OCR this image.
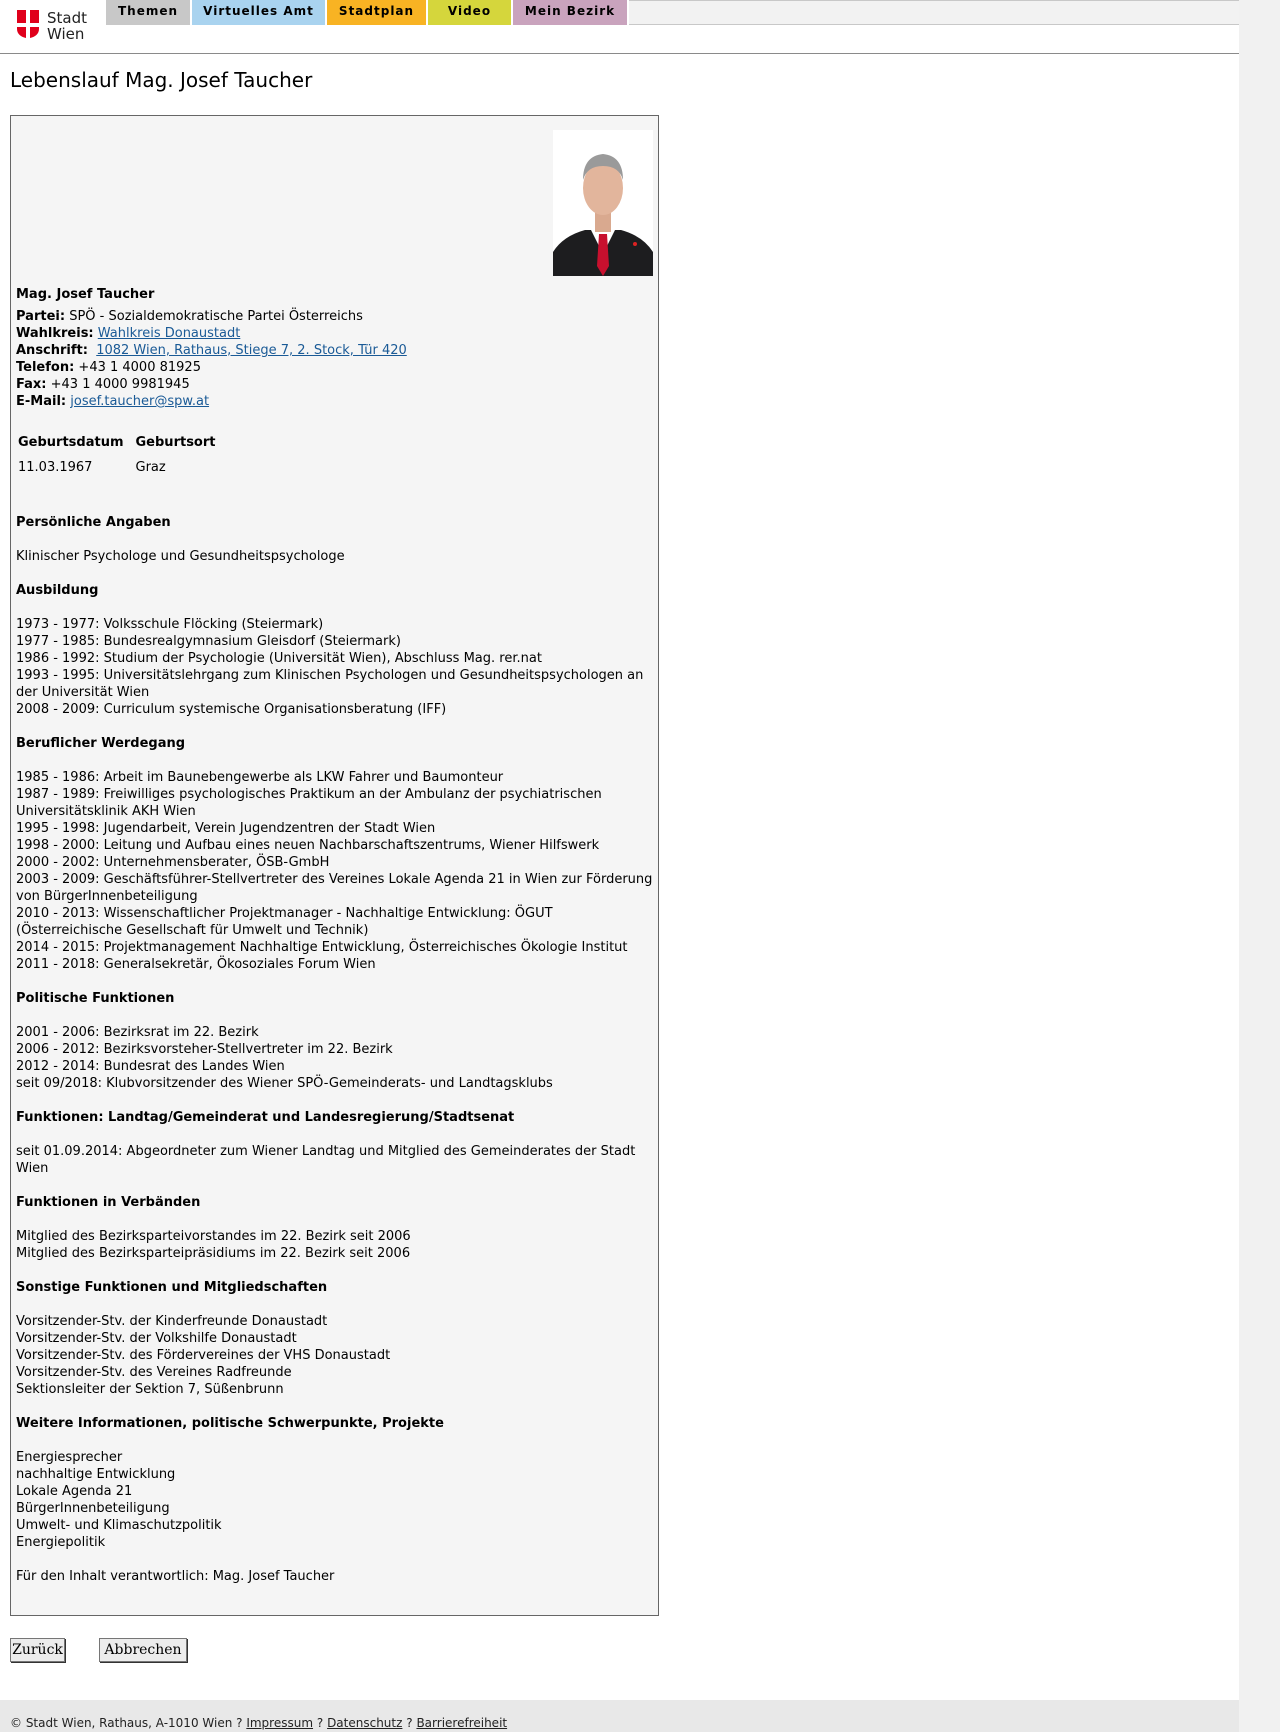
Stadt
Wien
Themen	Virtuelles Amt	Stadtplan	Video	Mein Bezirk
Lebenslauf Mag. Josef Taucher
Mag. Josef Taucher
Partei: SPÖ - Sozialdemokratische Partei Österreichs
Wahlkreis: Wahlkreis Donaustadt
Anschrift: 1082 Wien, Rathaus, Stiege 7, 2. Stock, Tür 420
Telefon: +43 1 4000 81925
Fax: +43 1 4000 9981945
E-Mail: josef.taucher@spw.at
Geburtsdatum	Geburtsort
11.03.1967	Graz
Persönliche Angaben
Klinischer Psychologe und Gesundheitspsychologe
Ausbildung
1973 - 1977: Volksschule Flöcking (Steiermark)
1977 - 1985: Bundesrealgymnasium Gleisdorf (Steiermark)
1986 - 1992: Studium der Psychologie (Universität Wien), Abschluss Mag. rer.nat
1993 - 1995: Universitätslehrgang zum Klinischen Psychologen und Gesundheitspsychologen an der Universität Wien
2008 - 2009: Curriculum systemische Organisationsberatung (IFF)
Beruflicher Werdegang
1985 - 1986: Arbeit im Baunebengewerbe als LKW Fahrer und Baumonteur
1987 - 1989: Freiwilliges psychologisches Praktikum an der Ambulanz der psychiatrischen Universitätsklinik AKH Wien
1995 - 1998: Jugendarbeit, Verein Jugendzentren der Stadt Wien
1998 - 2000: Leitung und Aufbau eines neuen Nachbarschaftszentrums, Wiener Hilfswerk
2000 - 2002: Unternehmensberater, ÖSB-GmbH
2003 - 2009: Geschäftsführer-Stellvertreter des Vereines Lokale Agenda 21 in Wien zur Förderung von BürgerInnenbeteiligung
2010 - 2013: Wissenschaftlicher Projektmanager - Nachhaltige Entwicklung: ÖGUT (Österreichische Gesellschaft für Umwelt und Technik)
2014 - 2015: Projektmanagement Nachhaltige Entwicklung, Österreichisches Ökologie Institut
2011 - 2018: Generalsekretär, Ökosoziales Forum Wien
Politische Funktionen
2001 - 2006: Bezirksrat im 22. Bezirk
2006 - 2012: Bezirksvorsteher-Stellvertreter im 22. Bezirk
2012 - 2014: Bundesrat des Landes Wien
seit 09/2018: Klubvorsitzender des Wiener SPÖ-Gemeinderats- und Landtagsklubs
Funktionen: Landtag/Gemeinderat und Landesregierung/Stadtsenat
seit 01.09.2014: Abgeordneter zum Wiener Landtag und Mitglied des Gemeinderates der Stadt Wien
Funktionen in Verbänden
Mitglied des Bezirksparteivorstandes im 22. Bezirk seit 2006
Mitglied des Bezirksparteipräsidiums im 22. Bezirk seit 2006
Sonstige Funktionen und Mitgliedschaften
Vorsitzender-Stv. der Kinderfreunde Donaustadt
Vorsitzender-Stv. der Volkshilfe Donaustadt
Vorsitzender-Stv. des Fördervereines der VHS Donaustadt
Vorsitzender-Stv. des Vereines Radfreunde
Sektionsleiter der Sektion 7, Süßenbrunn
Weitere Informationen, politische Schwerpunkte, Projekte
Energiesprecher
nachhaltige Entwicklung
Lokale Agenda 21
BürgerInnenbeteiligung
Umwelt- und Klimaschutzpolitik
Energiepolitik
Für den Inhalt verantwortlich: Mag. Josef Taucher
Zurück	Abbrechen
© Stadt Wien, Rathaus, A-1010 Wien ? Impressum ? Datenschutz ? Barrierefreiheit
